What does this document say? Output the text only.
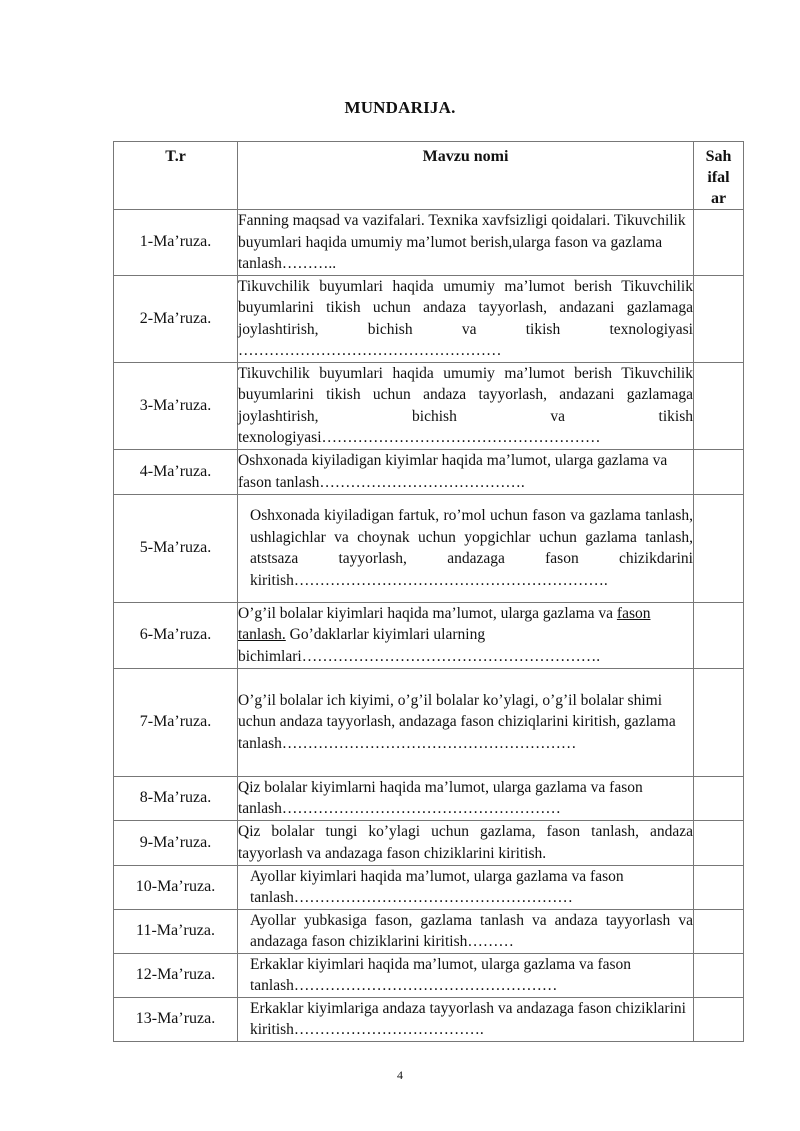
MUNDARIJA.
T.r	Mavzu nomi	Sah
ifal
ar
1-Ma’ruza.	Fanning maqsad va vazifalari. Texnika xavfsizligi qoidalari. Tikuvchilik buyumlari haqida umumiy ma’lumot berish,ularga fason va gazlama tanlash………..	
2-Ma’ruza.	Tikuvchilik buyumlari haqida umumiy ma’lumot berish Tikuvchilik buyumlarini tikish uchun andaza tayyorlash, andazani gazlamaga joylashtirish, bichish va tikish texnologiyasi ……………………………………………	
3-Ma’ruza.	Tikuvchilik buyumlari haqida umumiy ma’lumot berish Tikuvchilik buyumlarini tikish uchun andaza tayyorlash, andazani gazlamaga joylashtirish, bichish va tikish texnologiyasi………………………………………………	
4-Ma’ruza.	Oshxonada kiyiladigan kiyimlar haqida ma’lumot, ularga gazlama va fason tanlash………………………………….	
5-Ma’ruza.	Oshxonada kiyiladigan fartuk, ro’mol uchun fason va gazlama tanlash, ushlagichlar va choynak uchun yopgichlar uchun gazlama tanlash, atstsaza tayyorlash, andazaga fason chizikdarini kiritish…………………………………………………….	
6-Ma’ruza.	O’g’il bolalar kiyimlari haqida ma’lumot, ularga gazlama va fason tanlash. Go’daklarlar kiyimlari ularning bichimlari………………………………………………….	
7-Ma’ruza.	O’g’il bolalar ich kiyimi, o’g’il bolalar ko’ylagi, o’g’il bolalar shimi uchun andaza tayyorlash, andazaga fason chiziqlarini kiritish, gazlama tanlash…………………………………………………	
8-Ma’ruza.	Qiz bolalar kiyimlarni haqida ma’lumot, ularga gazlama va fason tanlash………………………………………………	
9-Ma’ruza.	Qiz bolalar tungi ko’ylagi uchun gazlama, fason tanlash, andaza tayyorlash va andazaga fason chiziklarini kiritish.	
10-Ma’ruza.	Ayollar kiyimlari haqida ma’lumot, ularga gazlama va fason tanlash………………………………………………	
11-Ma’ruza.	Ayollar yubkasiga fason, gazlama tanlash va andaza tayyorlash va andazaga fason chiziklarini kiritish………	
12-Ma’ruza.	Erkaklar kiyimlari haqida ma’lumot, ularga gazlama va fason tanlash……………………………………………	
13-Ma’ruza.	Erkaklar kiyimlariga andaza tayyorlash va andazaga fason chiziklarini kiritish……………………………….	
4
